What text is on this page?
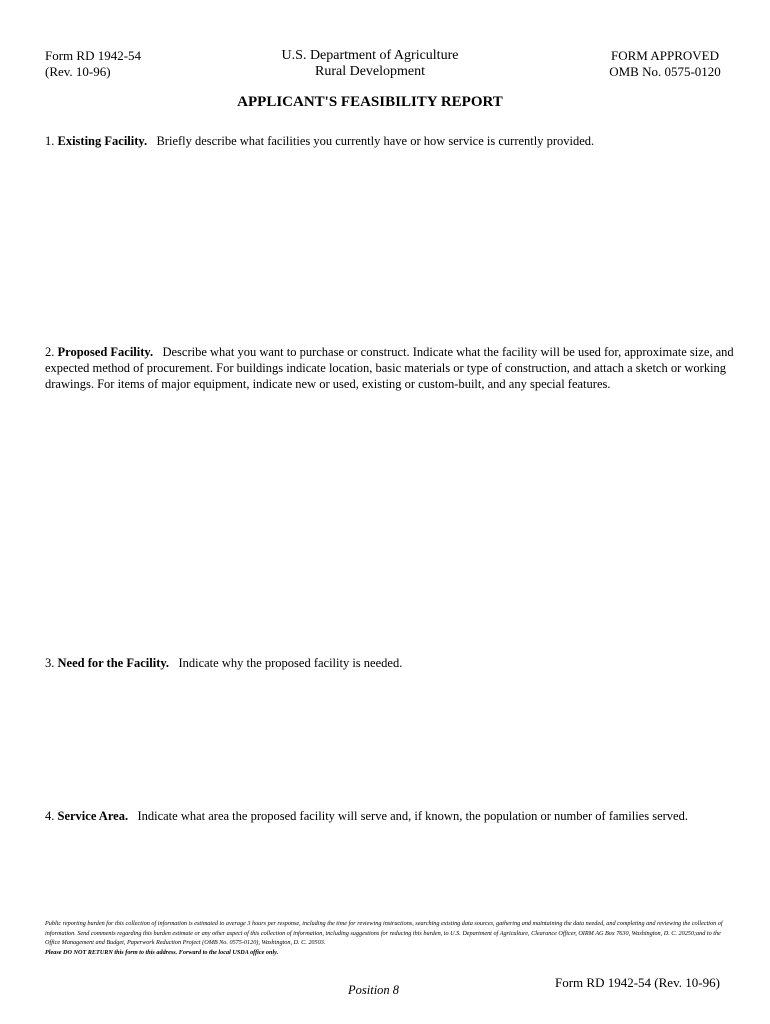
Form RD 1942-54
(Rev. 10-96)
U.S. Department of Agriculture
Rural Development
FORM APPROVED
OMB No. 0575-0120
APPLICANT'S FEASIBILITY REPORT
1. Existing Facility. Briefly describe what facilities you currently have or how service is currently provided.
2. Proposed Facility. Describe what you want to purchase or construct. Indicate what the facility will be used for, approximate size, and expected method of procurement. For buildings indicate location, basic materials or type of construction, and attach a sketch or working drawings. For items of major equipment, indicate new or used, existing or custom-built, and any special features.
3. Need for the Facility. Indicate why the proposed facility is needed.
4. Service Area. Indicate what area the proposed facility will serve and, if known, the population or number of families served.
Public reporting burden for this collection of information is estimated to average 3 hours per response, including the time for reviewing instructions, searching existing data sources, gathering and maintaining the data needed, and completing and reviewing the collection of information. Send comments regarding this burden estimate or any other aspect of this collection of information, including suggestions for reducing this burden, to U.S. Department of Agriculture, Clearance Officer, OIRM AG Box 7630, Washington, D. C. 20250;and to the Office Management and Budget, Paperwork Reduction Project (OMB No. 0575-0120), Washington, D. C. 20503.
Please DO NOT RETURN this form to this address. Forward to the local USDA office only.
Position 8	Form RD 1942-54 (Rev. 10-96)
